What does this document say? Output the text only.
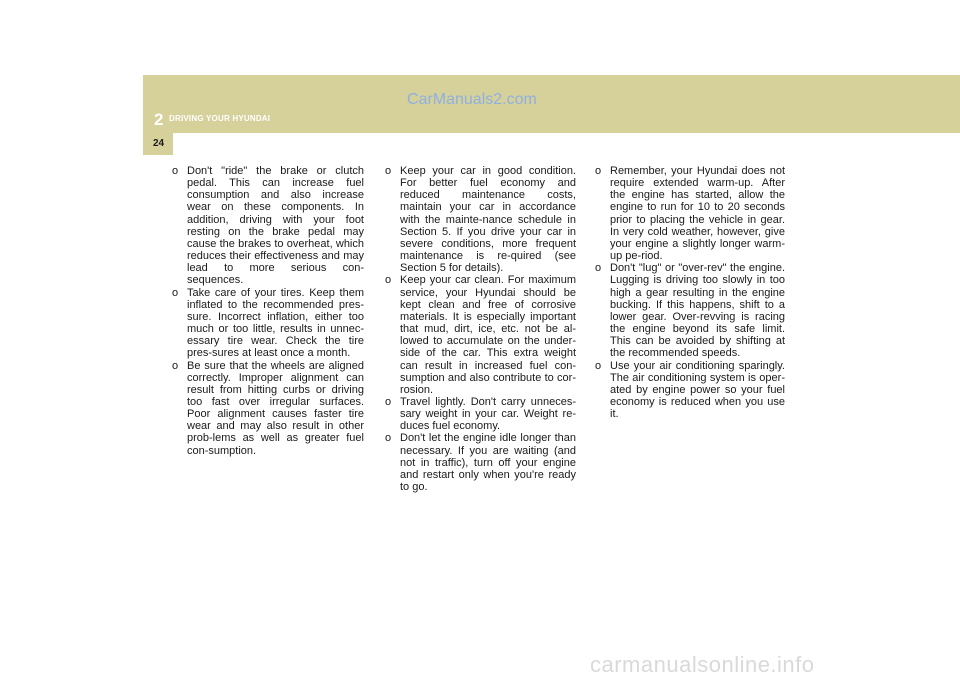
2 DRIVING YOUR HYUNDAI
CarManuals2.com
24

o Don't "ride" the brake or clutch pedal. This can increase fuel consumption and also increase wear on these components. In addition, driving with your foot resting on the brake pedal may cause the brakes to overheat, which reduces their effectiveness and may lead to more serious con-sequences.

o Take care of your tires. Keep them inflated to the recommended pres-sure. Incorrect inflation, either too much or too little, results in unnec-essary tire wear. Check the tire pres-sures at least once a month.

o Be sure that the wheels are aligned correctly. Improper alignment can result from hitting curbs or driving too fast over irregular surfaces. Poor alignment causes faster tire wear and may also result in other prob-lems as well as greater fuel con-sumption.

o Keep your car in good condition. For better fuel economy and reduced maintenance costs, maintain your car in accordance with the mainte-nance schedule in Section 5. If you drive your car in severe conditions, more frequent maintenance is re-quired (see Section 5 for details).

o Keep your car clean. For maximum service, your Hyundai should be kept clean and free of corrosive materials. It is especially important that mud, dirt, ice, etc. not be al-lowed to accumulate on the under-side of the car. This extra weight can result in increased fuel con-sumption and also contribute to cor-rosion.

o Travel lightly. Don't carry unneces-sary weight in your car. Weight re-duces fuel economy.

o Don't let the engine idle longer than necessary. If you are waiting (and not in traffic), turn off your engine and restart only when you're ready to go.

o Remember, your Hyundai does not require extended warm-up. After the engine has started, allow the engine to run for 10 to 20 seconds prior to placing the vehicle in gear. In very cold weather, however, give your engine a slightly longer warm-up pe-riod.

o Don't "lug" or "over-rev" the engine. Lugging is driving too slowly in too high a gear resulting in the engine bucking. If this happens, shift to a lower gear. Over-revving is racing the engine beyond its safe limit. This can be avoided by shifting at the recommended speeds.

o Use your air conditioning sparingly. The air conditioning system is oper-ated by engine power so your fuel economy is reduced when you use it.

carmanualsonline.info
